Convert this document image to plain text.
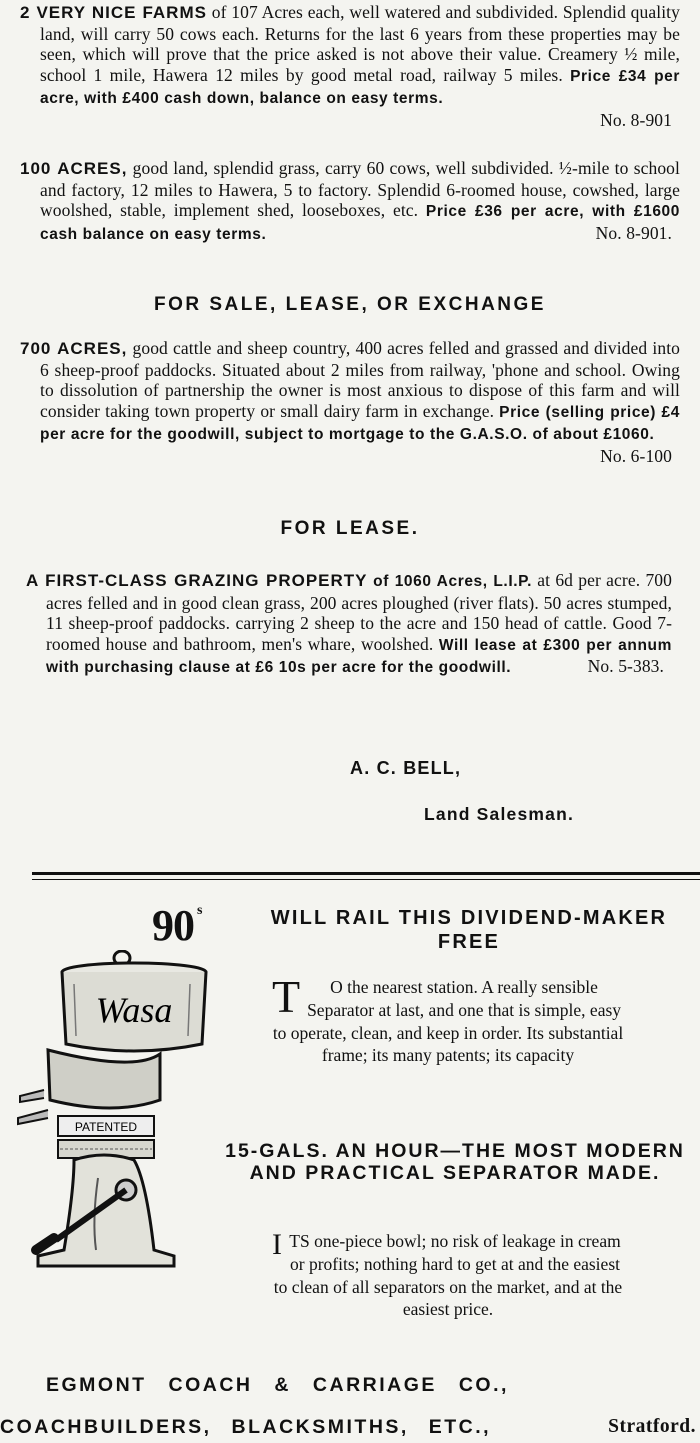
2 VERY NICE FARMS of 107 Acres each, well watered and subdivided. Splendid quality land, will carry 50 cows each. Returns for the last 6 years from these properties may be seen, which will prove that the price asked is not above their value. Creamery ½ mile, school 1 mile, Hawera 12 miles by good metal road, railway 5 miles. Price £34 per acre, with £400 cash down, balance on easy terms.
No. 8-901
100 ACRES, good land, splendid grass, carry 60 cows, well subdivided. ½-mile to school and factory, 12 miles to Hawera, 5 to factory. Splendid 6-roomed house, cowshed, large woolshed, stable, implement shed, looseboxes, etc. Price £36 per acre, with £1600 cash balance on easy terms.	No. 8-901.
FOR SALE, LEASE, OR EXCHANGE
700 ACRES, good cattle and sheep country, 400 acres felled and grassed and divided into 6 sheep-proof paddocks. Situated about 2 miles from railway, 'phone and school. Owing to dissolution of partnership the owner is most anxious to dispose of this farm and will consider taking town property or small dairy farm in exchange. Price (selling price) £4 per acre for the goodwill, subject to mortgage to the G.A.S.O. of about £1060.
No. 6-100
FOR LEASE.
A FIRST-CLASS GRAZING PROPERTY of 1060 Acres, L.I.P. at 6d per acre. 700 acres felled and in good clean grass, 200 acres ploughed (river flats). 50 acres stumped, 11 sheep-proof paddocks. carrying 2 sheep to the acre and 150 head of cattle. Good 7-roomed house and bathroom, men's whare, woolshed. Will lease at £300 per annum with purchasing clause at £6 10s per acre for the goodwill.	No. 5-383.
A. C. BELL,
Land Salesman.
90 $^s$	WILL RAIL THIS DIVIDEND-MAKER FREE
PATENTED
Wasa T O the nearest station. A really sensible Separator at last, and one that is simple, easy to operate, clean, and keep in order. Its substantial frame; its many patents; its capacity
15-GALS. AN HOUR—THE MOST MODERN AND PRACTICAL SEPARATOR MADE.
ITS one-piece bowl; no risk of leakage in cream or profits; nothing hard to get at and the easiest to clean of all separators on the market, and at the easiest price.
EGMONT COACH & CARRIAGE CO.,
COACHBUILDERS, BLACKSMITHS, ETC.,	Stratford.
